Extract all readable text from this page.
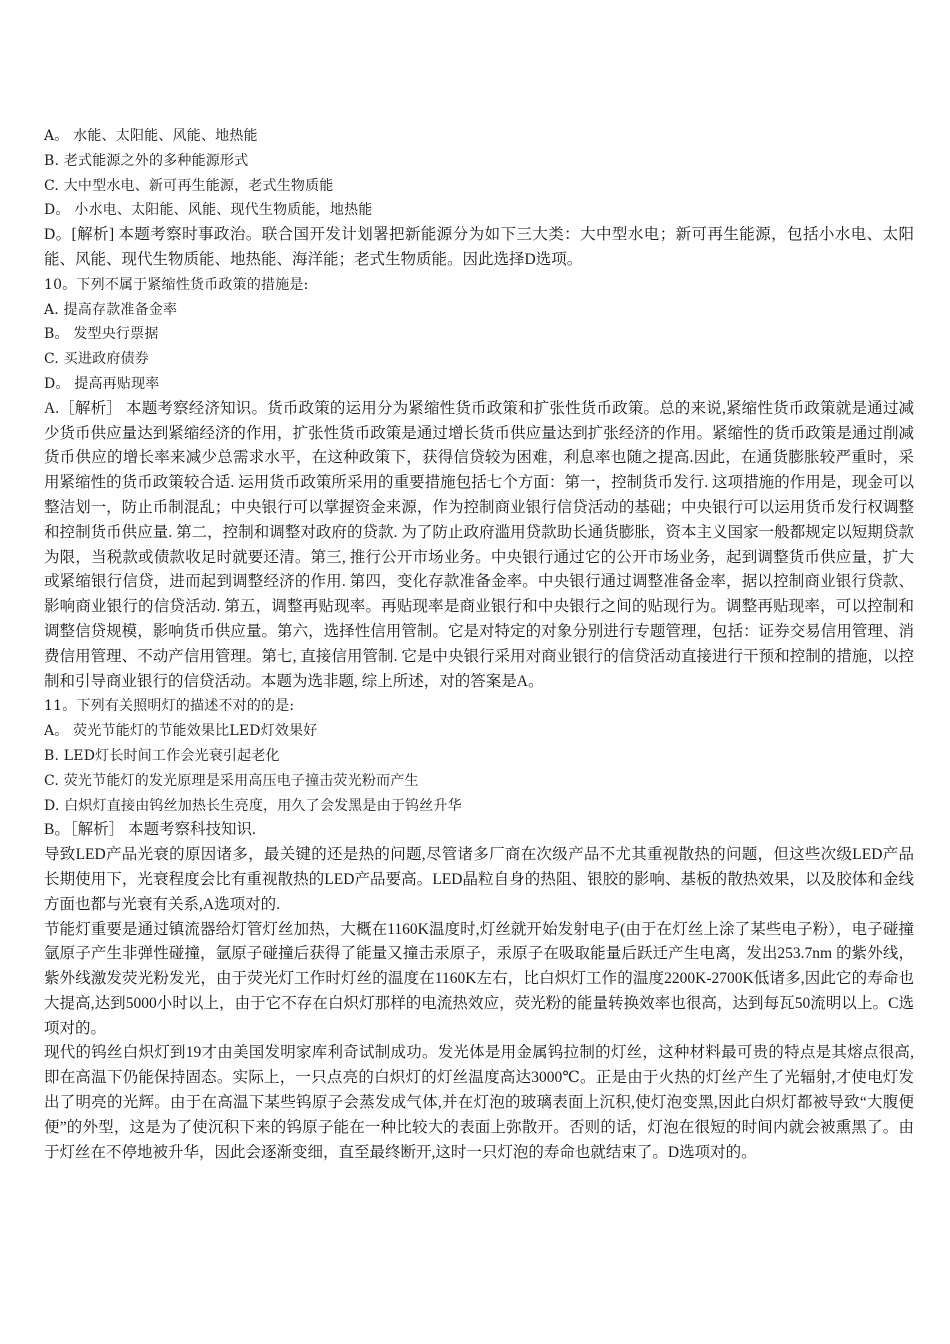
A。 水能、太阳能、风能、地热能
B. 老式能源之外的多种能源形式
C. 大中型水电、新可再生能源，老式生物质能
D。 小水电、太阳能、风能、现代生物质能，地热能

D。[解析] 本题考察时事政治。联合国开发计划署把新能源分为如下三大类：大中型水电；新可再生能源，包括小水电、太阳能、风能、现代生物质能、地热能、海洋能；老式生物质能。因此选择D选项。

10。下列不属于紧缩性货币政策的措施是:
A. 提高存款准备金率
B。 发型央行票据
C. 买进政府债券
D。 提高再贴现率

A.［解析］ 本题考察经济知识。货币政策的运用分为紧缩性货币政策和扩张性货币政策。总的来说,紧缩性货币政策就是通过减少货币供应量达到紧缩经济的作用，扩张性货币政策是通过增长货币供应量达到扩张经济的作用。紧缩性的货币政策是通过削减货币供应的增长率来减少总需求水平，在这种政策下，获得信贷较为困难，利息率也随之提高.因此，在通货膨胀较严重时，采用紧缩性的货币政策较合适. 运用货币政策所采用的重要措施包括七个方面：第一，控制货币发行. 这项措施的作用是，现金可以整洁划一，防止币制混乱；中央银行可以掌握资金来源，作为控制商业银行信贷活动的基础；中央银行可以运用货币发行权调整和控制货币供应量. 第二，控制和调整对政府的贷款. 为了防止政府滥用贷款助长通货膨胀，资本主义国家一般都规定以短期贷款为限，当税款或债款收足时就要还清。第三, 推行公开市场业务。中央银行通过它的公开市场业务，起到调整货币供应量，扩大或紧缩银行信贷，进而起到调整经济的作用. 第四，变化存款准备金率。中央银行通过调整准备金率，据以控制商业银行贷款、影响商业银行的信贷活动. 第五，调整再贴现率。再贴现率是商业银行和中央银行之间的贴现行为。调整再贴现率，可以控制和调整信贷规模，影响货币供应量。第六，选择性信用管制。它是对特定的对象分别进行专题管理，包括：证券交易信用管理、消费信用管理、不动产信用管理。第七, 直接信用管制. 它是中央银行采用对商业银行的信贷活动直接进行干预和控制的措施，以控制和引导商业银行的信贷活动。本题为选非题, 综上所述，对的答案是A。

11。下列有关照明灯的描述不对的的是:
A。 荧光节能灯的节能效果比LED灯效果好
B. LED灯长时间工作会光衰引起老化
C. 荧光节能灯的发光原理是采用高压电子撞击荧光粉而产生
D. 白炽灯直接由钨丝加热长生亮度，用久了会发黑是由于钨丝升华

B。［解析］ 本题考察科技知识.

导致LED产品光衰的原因诸多，最关键的还是热的问题,尽管诸多厂商在次级产品不尤其重视散热的问题，但这些次级LED产品长期使用下，光衰程度会比有重视散热的LED产品要高。LED晶粒自身的热阻、银胶的影响、基板的散热效果，以及胶体和金线方面也都与光衰有关系,A选项对的.

节能灯重要是通过镇流器给灯管灯丝加热，大概在1160K温度时,灯丝就开始发射电子(由于在灯丝上涂了某些电子粉），电子碰撞氩原子产生非弹性碰撞，氩原子碰撞后获得了能量又撞击汞原子，汞原子在吸取能量后跃迁产生电离，发出253.7nm 的紫外线，紫外线激发荧光粉发光，由于荧光灯工作时灯丝的温度在1160K左右，比白炽灯工作的温度2200K-2700K低诸多,因此它的寿命也大提高,达到5000小时以上，由于它不存在白炽灯那样的电流热效应，荧光粉的能量转换效率也很高，达到每瓦50流明以上。C选项对的。

现代的钨丝白炽灯到19才由美国发明家库利奇试制成功。发光体是用金属钨拉制的灯丝，这种材料最可贵的特点是其熔点很高,即在高温下仍能保持固态。实际上，一只点亮的白炽灯的灯丝温度高达3000℃。正是由于火热的灯丝产生了光辐射,才使电灯发出了明亮的光辉。由于在高温下某些钨原子会蒸发成气体,并在灯泡的玻璃表面上沉积,使灯泡变黑,因此白炽灯都被导致“大腹便便”的外型，这是为了使沉积下来的钨原子能在一种比较大的表面上弥散开。否则的话，灯泡在很短的时间内就会被熏黑了。由于灯丝在不停地被升华，因此会逐渐变细，直至最终断开,这时一只灯泡的寿命也就结束了。D选项对的。
